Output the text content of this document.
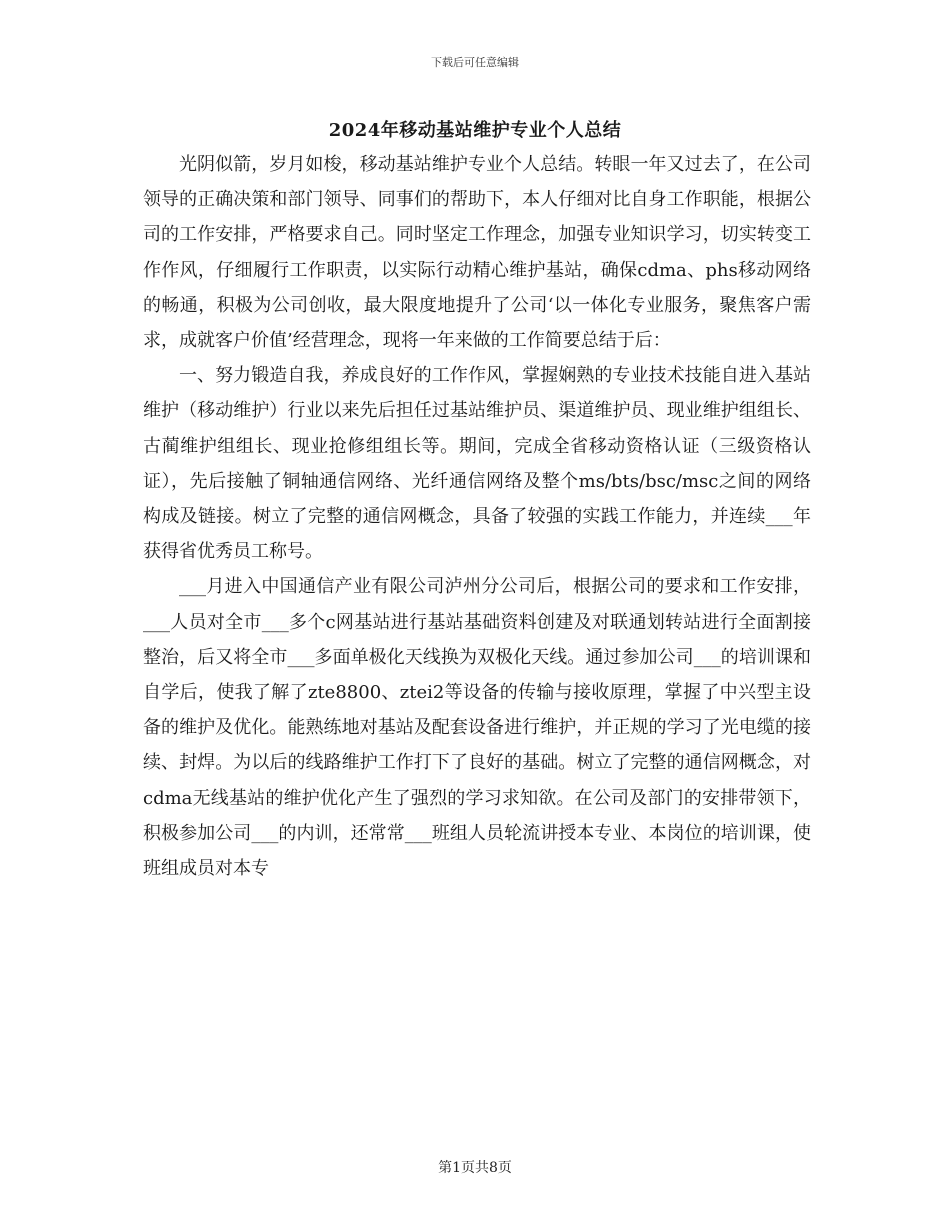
下载后可任意编辑
2024年移动基站维护专业个人总结

光阴似箭，岁月如梭，移动基站维护专业个人总结。转眼一年又过去了，在公司领导的正确决策和部门领导、同事们的帮助下，本人仔细对比自身工作职能，根据公司的工作安排，严格要求自己。同时坚定工作理念，加强专业知识学习，切实转变工作作风，仔细履行工作职责，以实际行动精心维护基站，确保cdma、phs移动网络的畅通，积极为公司创收，最大限度地提升了公司‘以一体化专业服务，聚焦客户需求，成就客户价值’经营理念，现将一年来做的工作简要总结于后：

一、努力锻造自我，养成良好的工作作风，掌握娴熟的专业技术技能自进入基站维护（移动维护）行业以来先后担任过基站维护员、渠道维护员、现业维护组组长、古蔺维护组组长、现业抢修组组长等。期间，完成全省移动资格认证（三级资格认证），先后接触了铜轴通信网络、光纤通信网络及整个ms/bts/bsc/msc之间的网络构成及链接。树立了完整的通信网概念，具备了较强的实践工作能力，并连续___年获得省优秀员工称号。

___月进入中国通信产业有限公司泸州分公司后，根据公司的要求和工作安排，___人员对全市___多个c网基站进行基站基础资料创建及对联通划转站进行全面割接整治，后又将全市___多面单极化天线换为双极化天线。通过参加公司___的培训课和自学后，使我了解了zte8800、ztei2等设备的传输与接收原理，掌握了中兴型主设备的维护及优化。能熟练地对基站及配套设备进行维护，并正规的学习了光电缆的接续、封焊。为以后的线路维护工作打下了良好的基础。树立了完整的通信网概念，对cdma无线基站的维护优化产生了强烈的学习求知欲。在公司及部门的安排带领下，积极参加公司___的内训，还常常___班组人员轮流讲授本专业、本岗位的培训课，使班组成员对本专

第1页共8页
